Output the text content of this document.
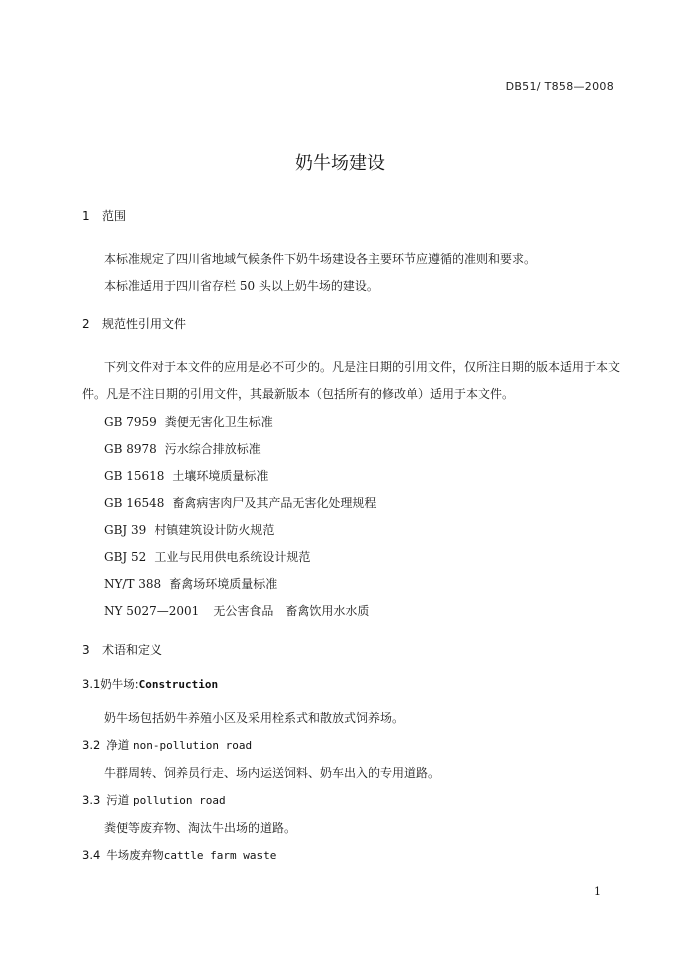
DB51/ T858—2008
奶牛场建设
1 范围
本标准规定了四川省地域气候条件下奶牛场建设各主要环节应遵循的准则和要求。
本标准适用于四川省存栏 50 头以上奶牛场的建设。
2 规范性引用文件
下列文件对于本文件的应用是必不可少的。凡是注日期的引用文件，仅所注日期的版本适用于本文
件。凡是不注日期的引用文件，其最新版本（包括所有的修改单）适用于本文件。
GB 7959 粪便无害化卫生标准
GB 8978 污水综合排放标准
GB 15618 土壤环境质量标准
GB 16548 畜禽病害肉尸及其产品无害化处理规程
GBJ 39 村镇建筑设计防火规范
GBJ 52 工业与民用供电系统设计规范
NY/T 388 畜禽场环境质量标准
NY 5027—2001 无公害食品　畜禽饮用水水质
3 术语和定义
3.1奶牛场:Construction
奶牛场包括奶牛养殖小区及采用栓系式和散放式饲养场。
3.2 净道 non-pollution road
牛群周转、饲养员行走、场内运送饲料、奶车出入的专用道路。
3.3 污道 pollution road
粪便等废弃物、淘汰牛出场的道路。
3.4 牛场废弃物cattle farm waste
1
